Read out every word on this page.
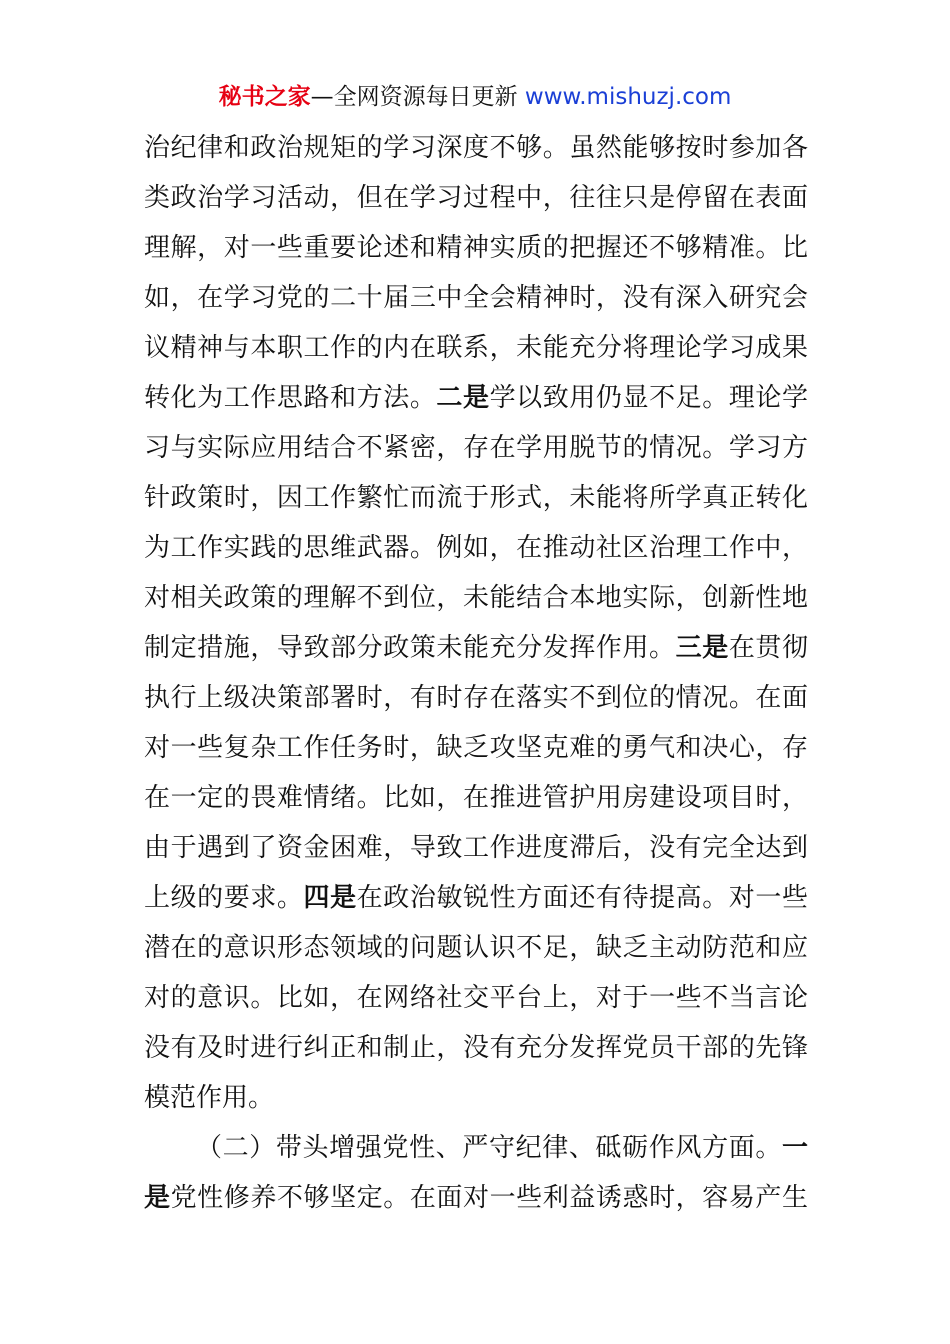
秘书之家—全网资源每日更新 www.mishuzj.com
治纪律和政治规矩的学习深度不够。虽然能够按时参加各
类政治学习活动，但在学习过程中，往往只是停留在表面
理解，对一些重要论述和精神实质的把握还不够精准。比
如，在学习党的二十届三中全会精神时，没有深入研究会
议精神与本职工作的内在联系，未能充分将理论学习成果
转化为工作思路和方法。二是学以致用仍显不足。理论学
习与实际应用结合不紧密，存在学用脱节的情况。学习方
针政策时，因工作繁忙而流于形式，未能将所学真正转化
为工作实践的思维武器。例如，在推动社区治理工作中，
对相关政策的理解不到位，未能结合本地实际，创新性地
制定措施，导致部分政策未能充分发挥作用。三是在贯彻
执行上级决策部署时，有时存在落实不到位的情况。在面
对一些复杂工作任务时，缺乏攻坚克难的勇气和决心，存
在一定的畏难情绪。比如，在推进管护用房建设项目时，
由于遇到了资金困难，导致工作进度滞后，没有完全达到
上级的要求。四是在政治敏锐性方面还有待提高。对一些
潜在的意识形态领域的问题认识不足，缺乏主动防范和应
对的意识。比如，在网络社交平台上，对于一些不当言论
没有及时进行纠正和制止，没有充分发挥党员干部的先锋
模范作用。
（二）带头增强党性、严守纪律、砥砺作风方面。一
是党性修养不够坚定。在面对一些利益诱惑时，容易产生
